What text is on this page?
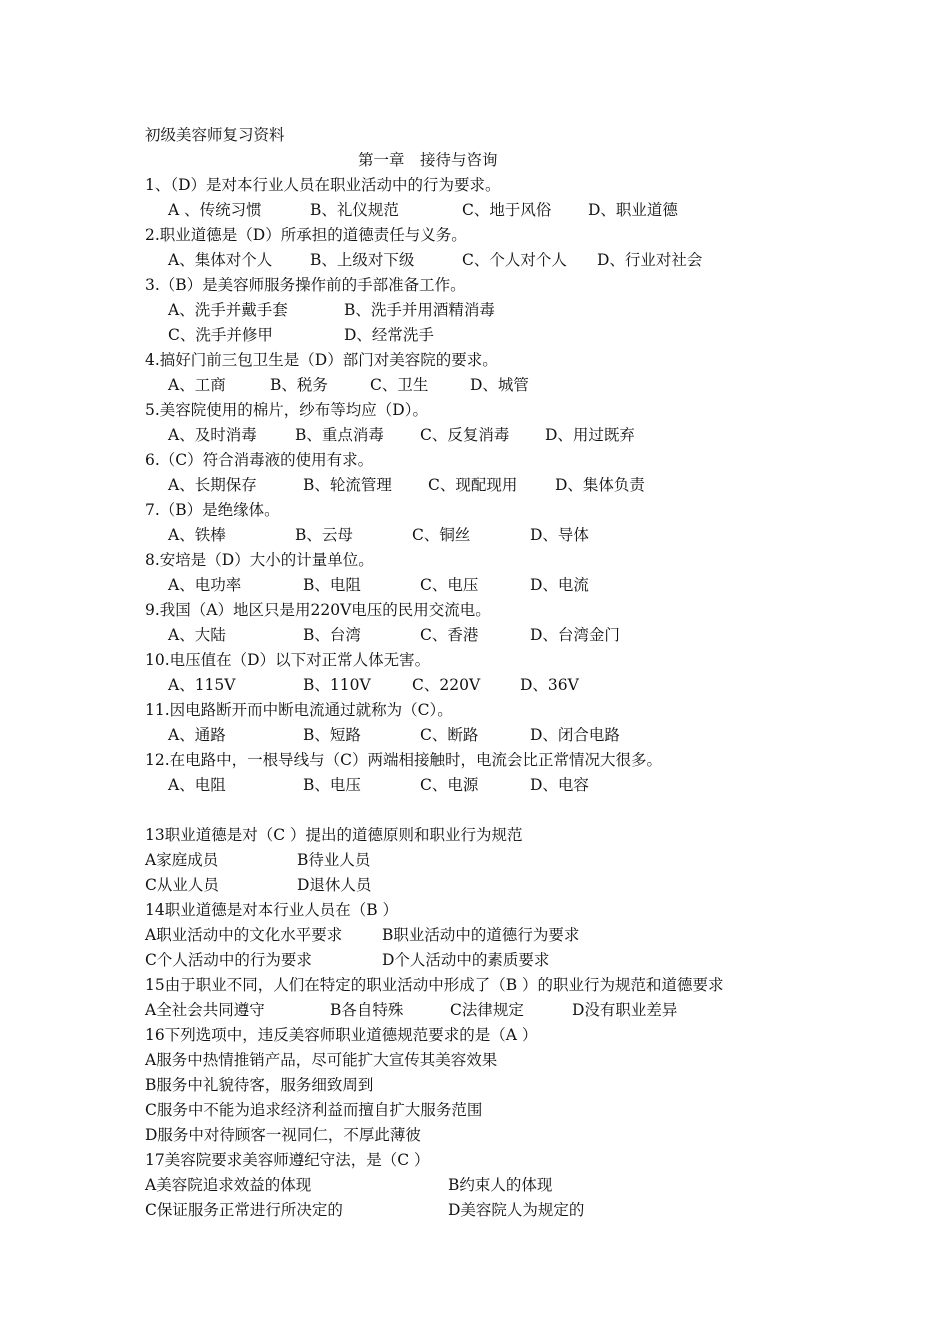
初级美容师复习资料
第一章　接待与咨询
1、（D）是对本行业人员在职业活动中的行为要求。
A 、传统习惯	B、礼仪规范	C、地于风俗 D、职业道德
2.职业道德是（D）所承担的道德责任与义务。
A、集体对个人 B、上级对下级	C、个人对个人 D、行业对社会
3.（B）是美容师服务操作前的手部准备工作。
A、洗手并戴手套	B、洗手并用酒精消毒
C、洗手并修甲	D、经常洗手
4.搞好门前三包卫生是（D）部门对美容院的要求。
A、工商	B、税务	C、卫生	D、城管
5.美容院使用的棉片，纱布等均应（D）。
A、及时消毒 B、重点消毒 C、反复消毒 D、用过既弃
6.（C）符合消毒液的使用有求。
A、长期保存	B、轮流管理 C、现配现用 D、集体负责
7.（B）是绝缘体。
A、铁棒	B、云母	C、铜丝	D、导体
8.安培是（D）大小的计量单位。
A、电功率	B、电阻	C、电压	D、电流
9.我国（A）地区只是用220V电压的民用交流电。
A、大陆	B、台湾	C、香港	D、台湾金门
10.电压值在（D）以下对正常人体无害。
A、115V	B、110V	C、220V	D、36V
11.因电路断开而中断电流通过就称为（C）。
A、通路	B、短路	C、断路	D、闭合电路
12.在电路中，一根导线与（C）两端相接触时，电流会比正常情况大很多。
A、电阻	B、电压	C、电源	D、电容
13职业道德是对（C ）提出的道德原则和职业行为规范
A家庭成员	B待业人员
C从业人员	D退休人员
14职业道德是对本行业人员在（B ）
A职业活动中的文化水平要求	B职业活动中的道德行为要求
C个人活动中的行为要求	D个人活动中的素质要求
15由于职业不同，人们在特定的职业活动中形成了（B ）的职业行为规范和道德要求
A全社会共同遵守	B各自特殊	C法律规定	D没有职业差异
16下列选项中，违反美容师职业道德规范要求的是（A ）
A服务中热情推销产品，尽可能扩大宣传其美容效果
B服务中礼貌待客，服务细致周到
C服务中不能为追求经济利益而擅自扩大服务范围
D服务中对待顾客一视同仁，不厚此薄彼
17美容院要求美容师遵纪守法，是（C ）
A美容院追求效益的体现	B约束人的体现
C保证服务正常进行所决定的	D美容院人为规定的
